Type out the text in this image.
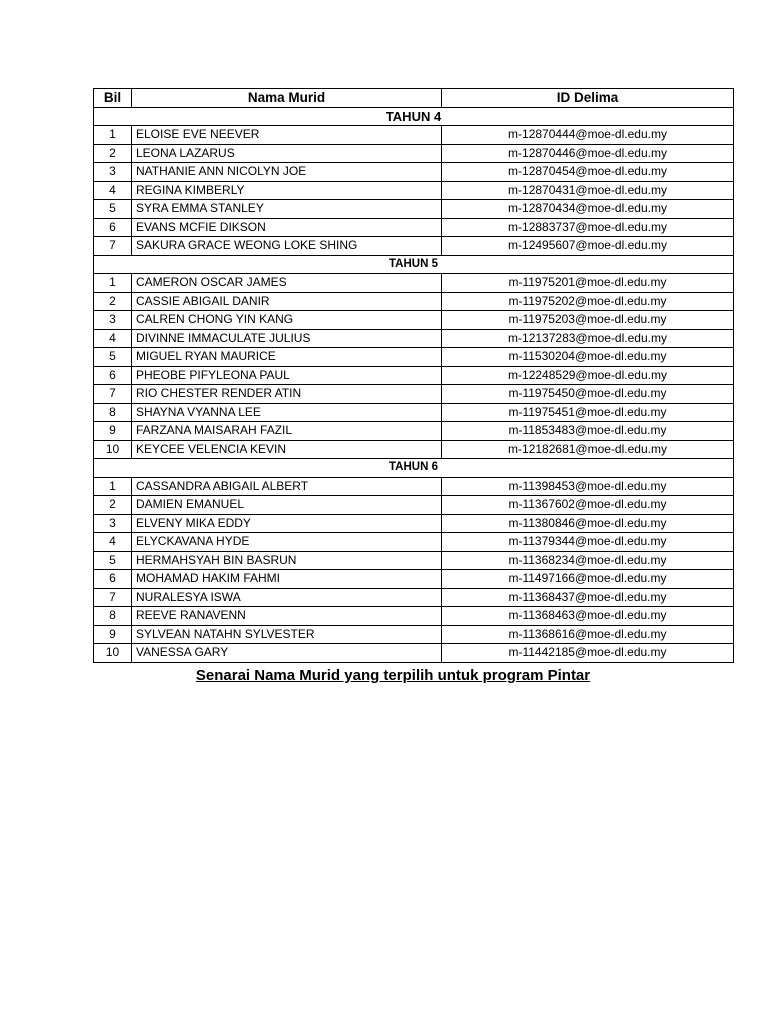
Bil	Nama Murid	ID Delima
TAHUN 4		
1	ELOISE EVE NEEVER	m-12870444@moe-dl.edu.my
2	LEONA LAZARUS	m-12870446@moe-dl.edu.my
3	NATHANIE ANN NICOLYN JOE	m-12870454@moe-dl.edu.my
4	REGINA KIMBERLY	m-12870431@moe-dl.edu.my
5	SYRA EMMA STANLEY	m-12870434@moe-dl.edu.my
6	EVANS MCFIE DIKSON	m-12883737@moe-dl.edu.my
7	SAKURA GRACE WEONG LOKE SHING	m-12495607@moe-dl.edu.my
TAHUN 5		
1	CAMERON OSCAR JAMES	m-11975201@moe-dl.edu.my
2	CASSIE ABIGAIL DANIR	m-11975202@moe-dl.edu.my
3	CALREN CHONG YIN KANG	m-11975203@moe-dl.edu.my
4	DIVINNE IMMACULATE JULIUS	m-12137283@moe-dl.edu.my
5	MIGUEL RYAN MAURICE	m-11530204@moe-dl.edu.my
6	PHEOBE PIFYLEONA PAUL	m-12248529@moe-dl.edu.my
7	RIO CHESTER RENDER ATIN	m-11975450@moe-dl.edu.my
8	SHAYNA VYANNA LEE	m-11975451@moe-dl.edu.my
9	FARZANA MAISARAH FAZIL	m-11853483@moe-dl.edu.my
10	KEYCEE VELENCIA KEVIN	m-12182681@moe-dl.edu.my
TAHUN 6		
1	CASSANDRA ABIGAIL ALBERT	m-11398453@moe-dl.edu.my
2	DAMIEN EMANUEL	m-11367602@moe-dl.edu.my
3	ELVENY MIKA EDDY	m-11380846@moe-dl.edu.my
4	ELYCKAVANA HYDE	m-11379344@moe-dl.edu.my
5	HERMAHSYAH BIN BASRUN	m-11368234@moe-dl.edu.my
6	MOHAMAD HAKIM FAHMI	m-11497166@moe-dl.edu.my
7	NURALESYA ISWA	m-11368437@moe-dl.edu.my
8	REEVE RANAVENN	m-11368463@moe-dl.edu.my
9	SYLVEAN NATAHN SYLVESTER	m-11368616@moe-dl.edu.my
10	VANESSA GARY	m-11442185@moe-dl.edu.my
Senarai Nama Murid yang terpilih untuk program Pintar
